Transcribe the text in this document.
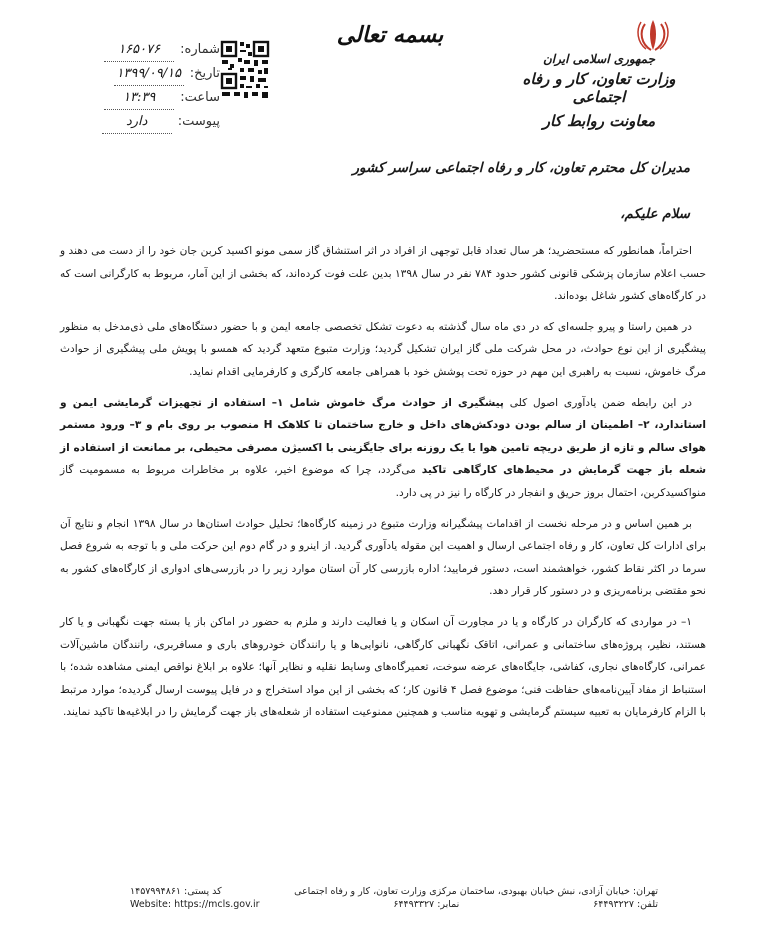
شماره:
۱۶۵۰۷۶
تاریخ:
۱۳۹۹/۰۹/۱۵
ساعت:
۱۳:۳۹
پیوست:
دارد
بسمه تعالی
جمهوری اسلامی ایران
وزارت تعاون، کار و رفاه اجتماعی
معاونت روابط کار
مدیران کل محترم تعاون، کار و رفاه اجتماعی سراسر کشور
سلام علیکم،

احتراماً، همانطور که مستحضرید؛ هر سال تعداد قابل توجهی از افراد در اثر استنشاق گاز سمی مونو اکسید کربن جان خود را از دست می دهند و حسب اعلام سازمان پزشکی قانونی کشور حدود ۷۸۴ نفر در سال ۱۳۹۸ بدین علت فوت کرده‌اند، که بخشی از این آمار، مربوط به کارگرانی است که در کارگاه‌های کشور شاغل بوده‌اند.

در همین راستا و پیرو جلسه‌ای که در دی ماه سال گذشته به دعوت تشکل تخصصی جامعه ایمن و با حضور دستگاه‌های ملی ذی‌مدخل به منظور پیشگیری از این نوع حوادث، در محل شرکت ملی گاز ایران تشکیل گردید؛ وزارت متبوع متعهد گردید که همسو با پویش ملی پیشگیری از حوادث مرگ خاموش، نسبت به راهبری این مهم در حوزه تحت پوشش خود با همراهی جامعه کارگری و کارفرمایی اقدام نماید.

در این رابطه ضمن یادآوری اصول کلی پیشگیری از حوادث مرگ خاموش شامل ۱– استفاده از تجهیزات گرمایشی ایمن و استاندارد، ۲– اطمینان از سالم بودن دودکش‌های داخل و خارج ساختمان تا کلاهک H منصوب بر روی بام و ۳– ورود مستمر هوای سالم و تازه از طریق دریچه تامین هوا یا یک روزنه برای جایگزینی با اکسیژن مصرفی محیطی، بر ممانعت از استفاده از شعله باز جهت گرمایش در محیط‌های کارگاهی تاکید می‌گردد، چرا که موضوع اخیر، علاوه بر مخاطرات مربوط به مسمومیت گاز منواکسیدکربن، احتمال بروز حریق و انفجار در کارگاه را نیز در پی دارد.

بر همین اساس و در مرحله نخست از اقدامات پیشگیرانه وزارت متبوع در زمینه کارگاه‌ها؛ تحلیل حوادث استان‌ها در سال ۱۳۹۸ انجام و نتایج آن برای ادارات کل تعاون، کار و رفاه اجتماعی ارسال و اهمیت این مقوله یادآوری گردید. از اینرو و در گام دوم این حرکت ملی و با توجه به شروع فصل سرما در اکثر نقاط کشور، خواهشمند است، دستور فرمایید؛ اداره بازرسی کار آن استان موارد زیر را در بازرسی‌های ادواری از کارگاه‌های کشور به نحو مقتضی برنامه‌ریزی و در دستور کار قرار دهد.

۱– در مواردی که کارگران در کارگاه و یا در مجاورت آن اسکان و یا فعالیت دارند و ملزم به حضور در اماکن باز یا بسته جهت نگهبانی و یا کار هستند، نظیر، پروژه‌های ساختمانی و عمرانی، اتاقک نگهبانی کارگاهی، نانوایی‌ها و یا رانندگان خودروهای باری و مسافربری، رانندگان ماشین‌آلات عمرانی، کارگاه‌های نجاری، کفاشی، جایگاه‌های عرضه سوخت، تعمیرگاه‌های وسایط نقلیه و نظایر آنها؛ علاوه بر ابلاغ نواقص ایمنی مشاهده شده؛ با استنباط از مفاد آیین‌نامه‌های حفاظت فنی؛ موضوع فصل ۴ قانون کار؛ که بخشی از این مواد استخراج و در فایل پیوست ارسال گردیده؛ موارد مرتبط با الزام کارفرمایان به تعبیه سیستم گرمایشی و تهویه مناسب و همچنین ممنوعیت استفاده از شعله‌های باز جهت گرمایش را در ابلاغیه‌ها تاکید نمایند.

تهران: خیابان آزادی، نبش خیابان بهبودی، ساختمان مرکزی وزارت تعاون، کار و رفاه اجتماعی
کد پستی: ۱۴۵۷۹۹۴۸۶۱
تلفن: ۶۴۴۹۳۲۲۷
نمابر: ۶۴۴۹۳۳۲۷
Website: https://mcls.gov.ir
